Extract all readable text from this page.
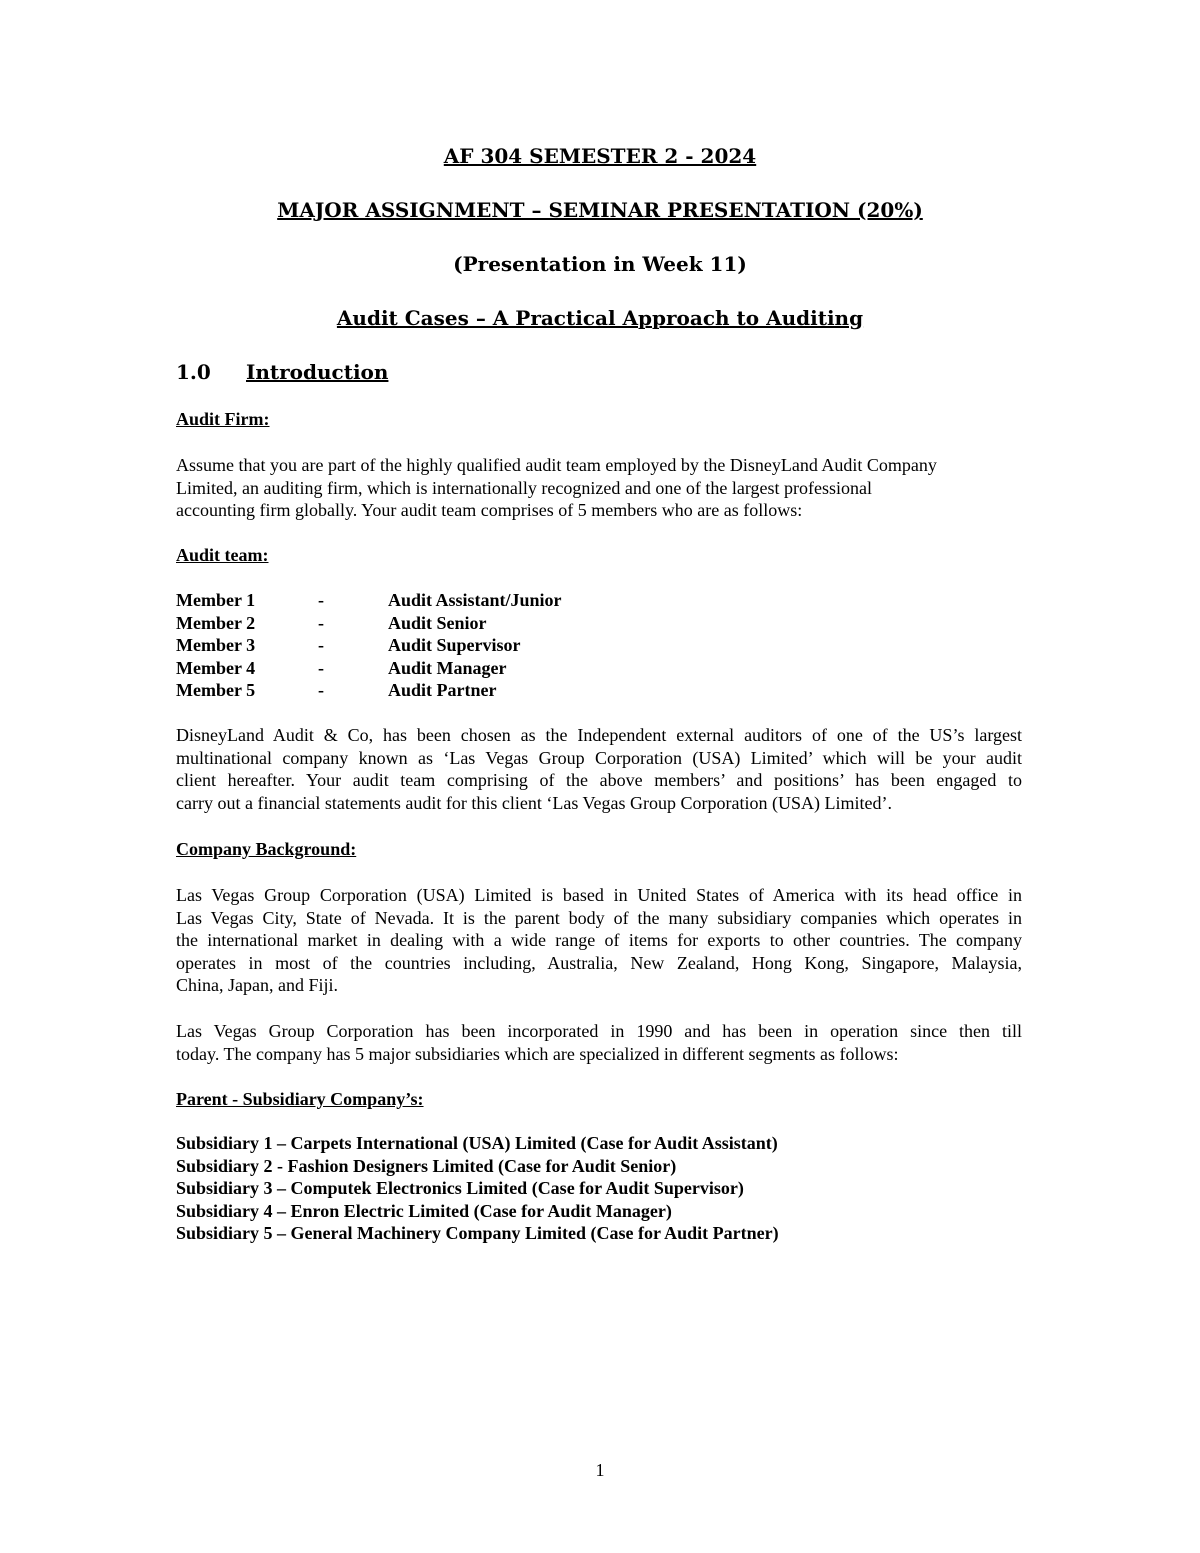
AF 304 SEMESTER 2 - 2024
MAJOR ASSIGNMENT – SEMINAR PRESENTATION (20%)
(Presentation in Week 11)
Audit Cases – A Practical Approach to Auditing
1.0 Introduction
Audit Firm:
Assume that you are part of the highly qualified audit team employed by the DisneyLand Audit Company
Limited, an auditing firm, which is internationally recognized and one of the largest professional
accounting firm globally. Your audit team comprises of 5 members who are as follows:
Audit team:
Member 1	-	Audit Assistant/Junior
Member 2	-	Audit Senior
Member 3	-	Audit Supervisor
Member 4	-	Audit Manager
Member 5	-	Audit Partner
DisneyLand Audit & Co, has been chosen as the Independent external auditors of one of the US’s largest
multinational company known as ‘Las Vegas Group Corporation (USA) Limited’ which will be your audit
client hereafter. Your audit team comprising of the above members’ and positions’ has been engaged to
carry out a financial statements audit for this client ‘Las Vegas Group Corporation (USA) Limited’.
Company Background:
Las Vegas Group Corporation (USA) Limited is based in United States of America with its head office in
Las Vegas City, State of Nevada. It is the parent body of the many subsidiary companies which operates in
the international market in dealing with a wide range of items for exports to other countries. The company
operates in most of the countries including, Australia, New Zealand, Hong Kong, Singapore, Malaysia,
China, Japan, and Fiji.
Las Vegas Group Corporation has been incorporated in 1990 and has been in operation since then till
today. The company has 5 major subsidiaries which are specialized in different segments as follows:
Parent - Subsidiary Company’s:
Subsidiary 1 – Carpets International (USA) Limited (Case for Audit Assistant)
Subsidiary 2 - Fashion Designers Limited (Case for Audit Senior)
Subsidiary 3 – Computek Electronics Limited (Case for Audit Supervisor)
Subsidiary 4 – Enron Electric Limited (Case for Audit Manager)
Subsidiary 5 – General Machinery Company Limited (Case for Audit Partner)
1
